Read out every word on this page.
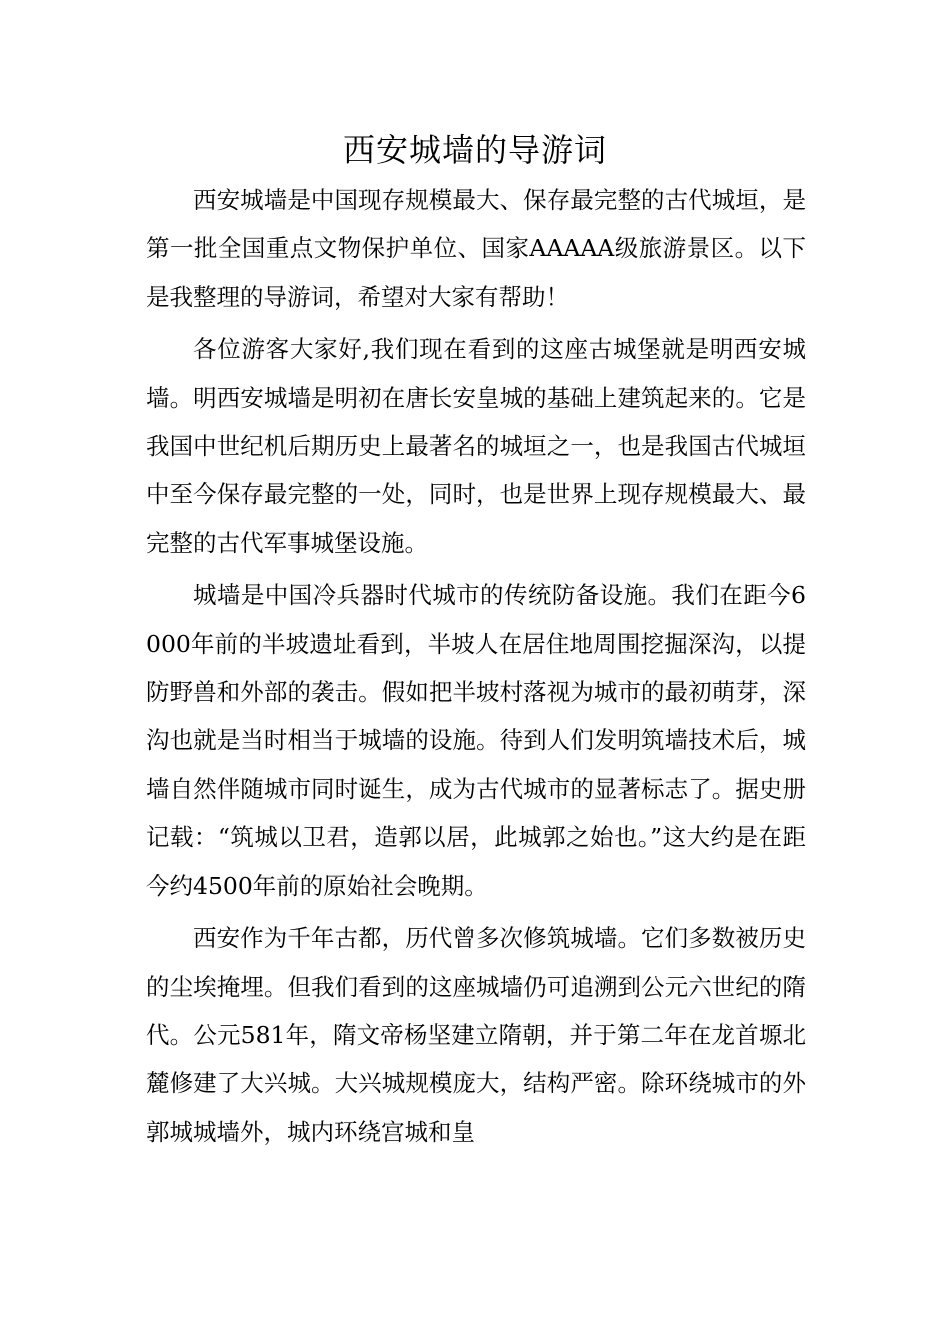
西安城墙的导游词

西安城墙是中国现存规模最大、保存最完整的古代城垣，是第一批全国重点文物保护单位、国家AAAAA级旅游景区。以下是我整理的导游词，希望对大家有帮助！

各位游客大家好,我们现在看到的这座古城堡就是明西安城墙。明西安城墙是明初在唐长安皇城的基础上建筑起来的。它是我国中世纪机后期历史上最著名的城垣之一，也是我国古代城垣中至今保存最完整的一处，同时，也是世界上现存规模最大、最完整的古代军事城堡设施。

城墙是中国冷兵器时代城市的传统防备设施。我们在距今6000年前的半坡遗址看到，半坡人在居住地周围挖掘深沟，以提防野兽和外部的袭击。假如把半坡村落视为城市的最初萌芽，深沟也就是当时相当于城墙的设施。待到人们发明筑墙技术后，城墙自然伴随城市同时诞生，成为古代城市的显著标志了。据史册记载：“筑城以卫君，造郭以居，此城郭之始也。”这大约是在距今约4500年前的原始社会晚期。

西安作为千年古都，历代曾多次修筑城墙。它们多数被历史的尘埃掩埋。但我们看到的这座城墙仍可追溯到公元六世纪的隋代。公元581年，隋文帝杨坚建立隋朝，并于第二年在龙首塬北麓修建了大兴城。大兴城规模庞大，结构严密。除环绕城市的外郭城城墙外，城内环绕宫城和皇
